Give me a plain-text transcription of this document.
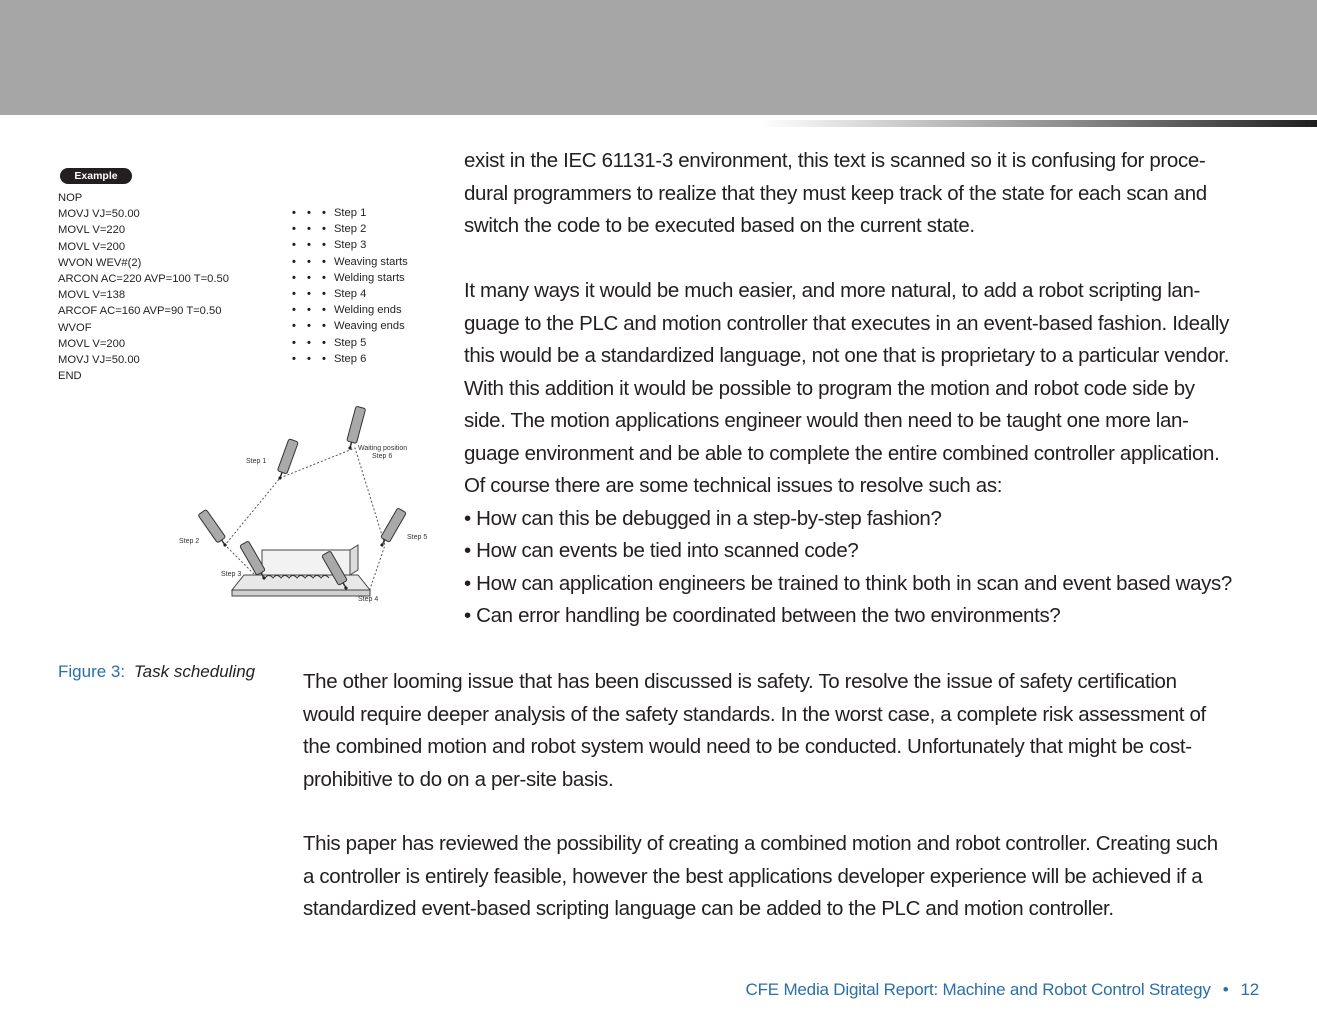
Example
NOP
MOVJ VJ=50.00
MOVL V=220
MOVL V=200
WVON WEV#(2)
ARCON AC=220 AVP=100 T=0.50
MOVL V=138
ARCOF AC=160 AVP=90 T=0.50
WVOF
MOVL V=200
MOVJ VJ=50.00
END
• • • Step 1
• • • Step 2
• • • Step 3
• • • Weaving starts
• • • Welding starts
• • • Step 4
• • • Welding ends
• • • Weaving ends
• • • Step 5
• • • Step 6
Step 1
Waiting position
Step 6
Step 2
Step 5
Step 3
Step 4
Figure 3: Task scheduling
exist in the IEC 61131-3 environment, this text is scanned so it is confusing for proce-
dural programmers to realize that they must keep track of the state for each scan and
switch the code to be executed based on the current state.
It many ways it would be much easier, and more natural, to add a robot scripting lan-
guage to the PLC and motion controller that executes in an event-based fashion. Ideally
this would be a standardized language, not one that is proprietary to a particular vendor.
With this addition it would be possible to program the motion and robot code side by
side. The motion applications engineer would then need to be taught one more lan-
guage environment and be able to complete the entire combined controller application.
Of course there are some technical issues to resolve such as:
• How can this be debugged in a step-by-step fashion?
• How can events be tied into scanned code?
• How can application engineers be trained to think both in scan and event based ways?
• Can error handling be coordinated between the two environments?
The other looming issue that has been discussed is safety. To resolve the issue of safety certification
would require deeper analysis of the safety standards. In the worst case, a complete risk assessment of
the combined motion and robot system would need to be conducted. Unfortunately that might be cost-
prohibitive to do on a per-site basis.
This paper has reviewed the possibility of creating a combined motion and robot controller. Creating such
a controller is entirely feasible, however the best applications developer experience will be achieved if a
standardized event-based scripting language can be added to the PLC and motion controller.
CFE Media Digital Report: Machine and Robot Control Strategy • 12
